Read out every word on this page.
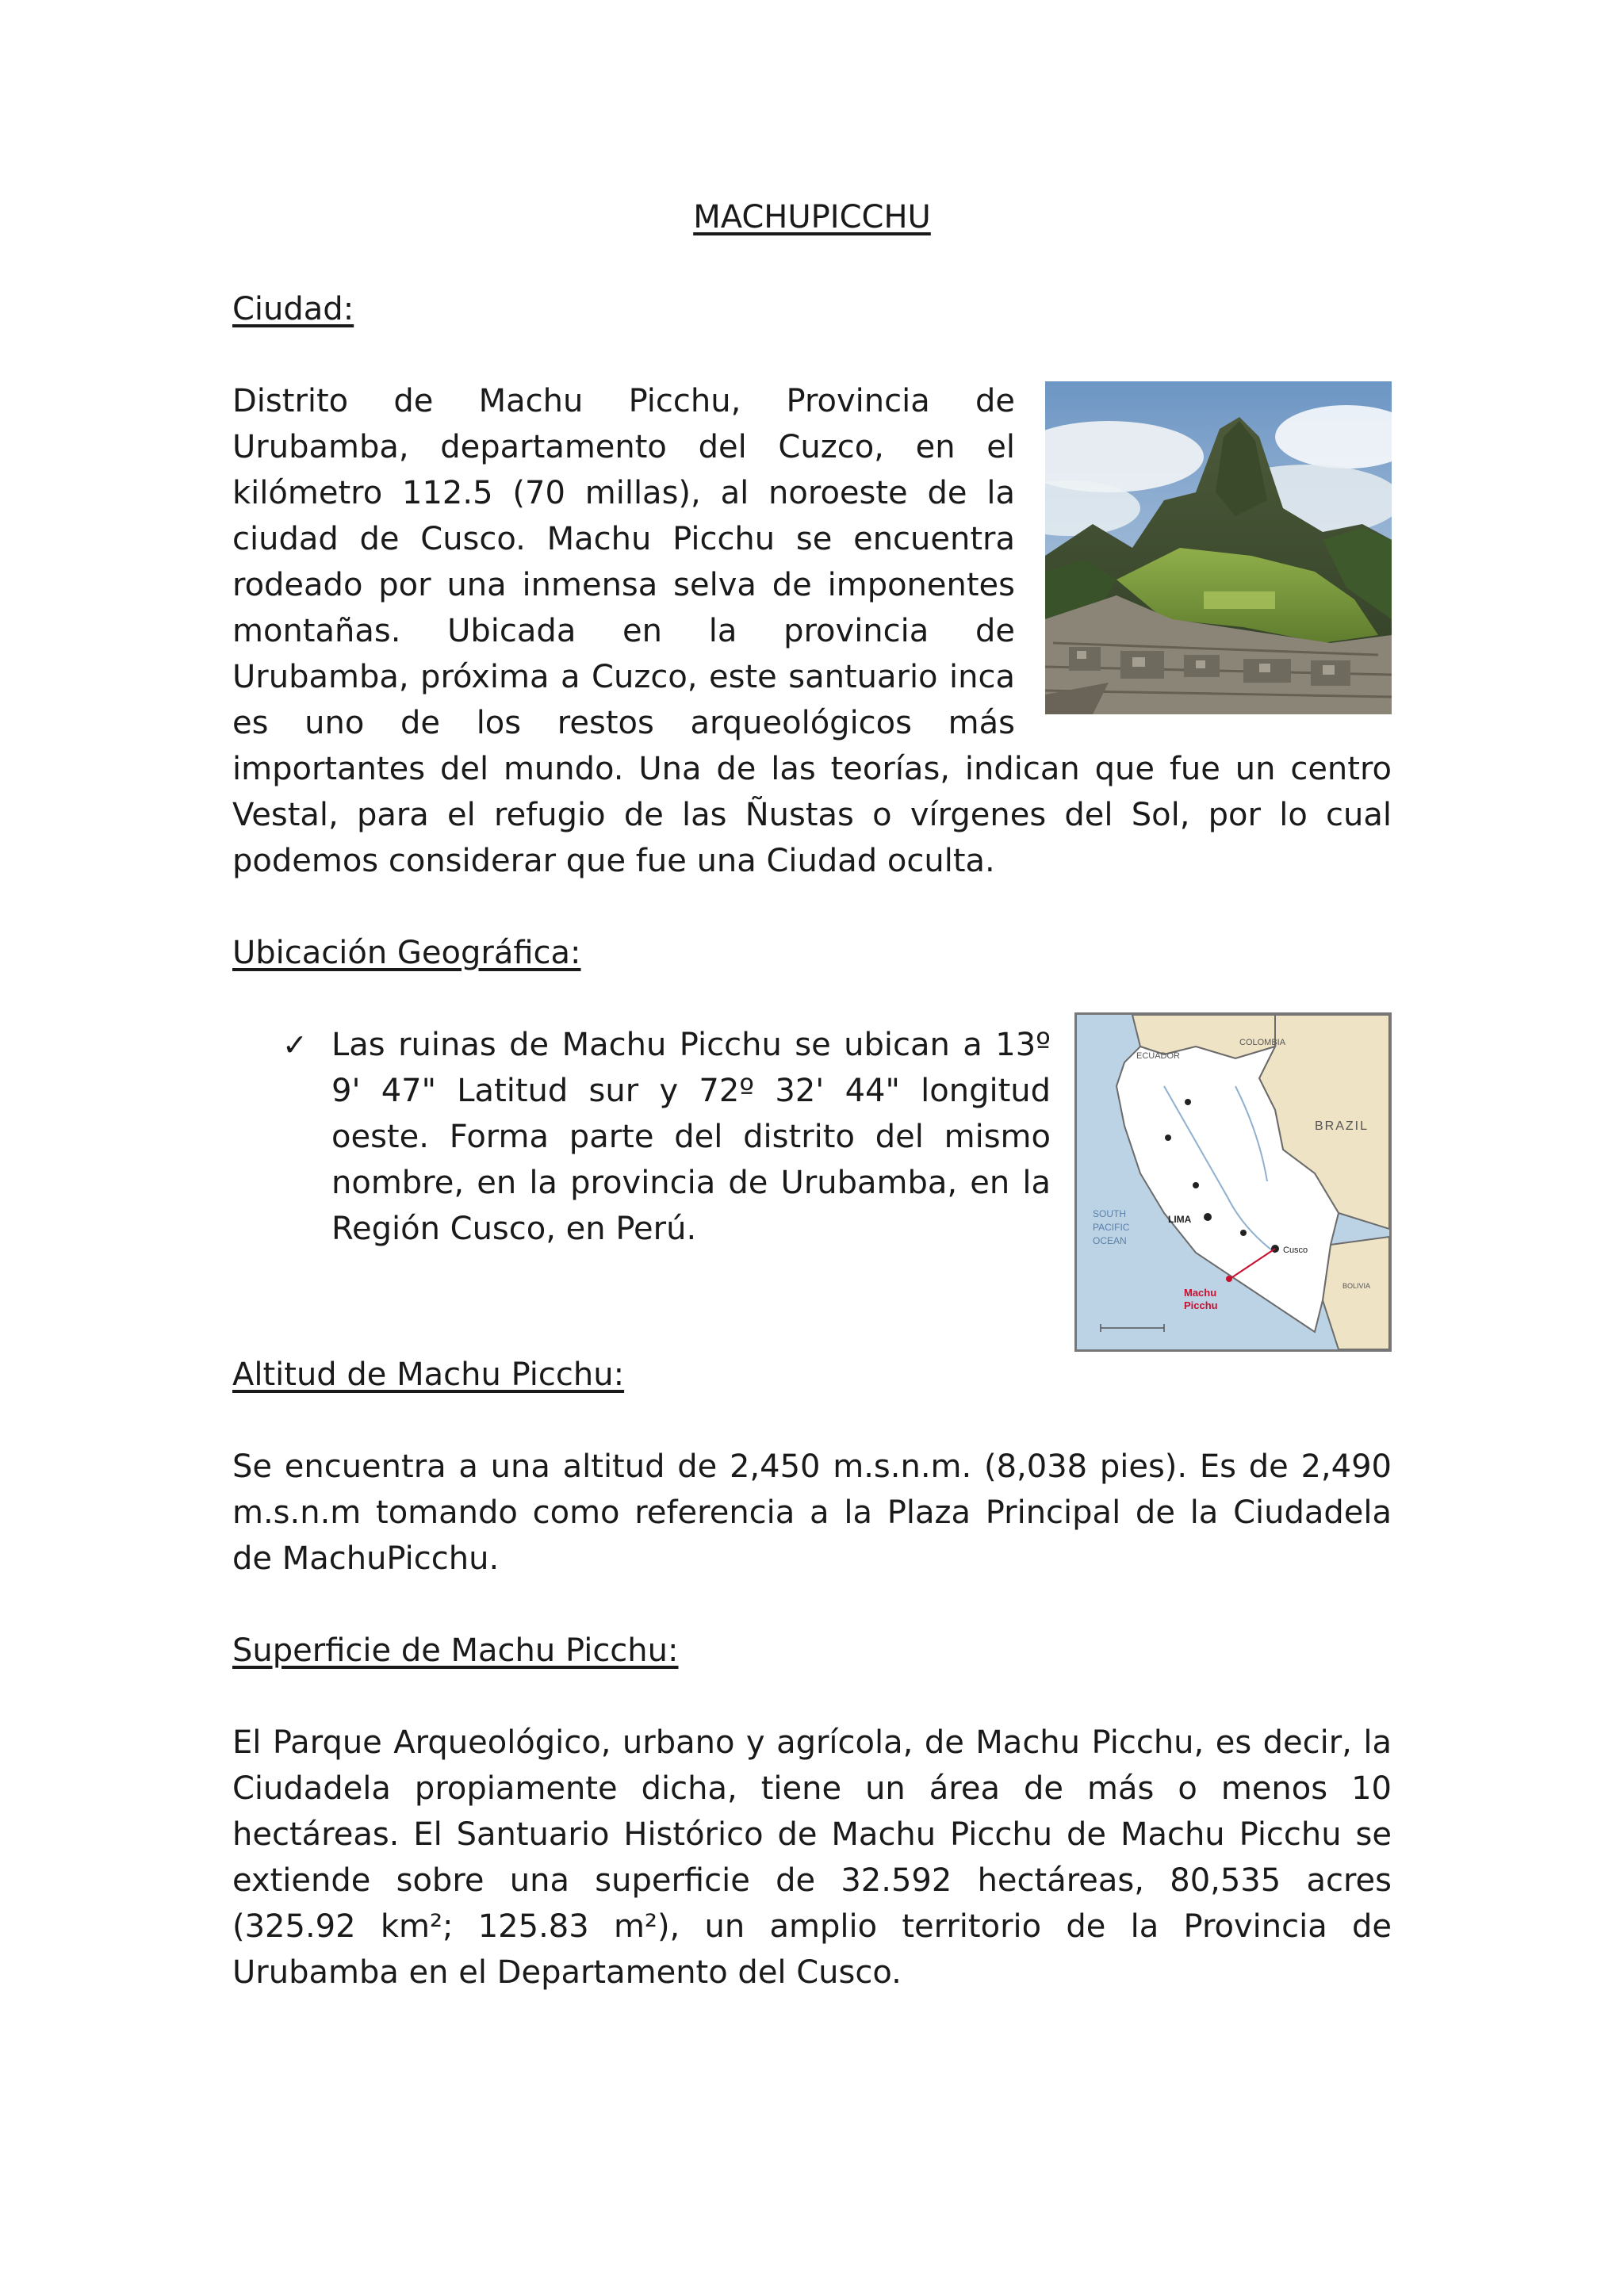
MACHUPICCHU
Ciudad:

Distrito de Machu Picchu, Provincia de Urubamba, departamento del Cuzco, en el kilómetro 112.5 (70 millas), al noroeste de la ciudad de Cusco. Machu Picchu se encuentra rodeado por una inmensa selva de imponentes montañas. Ubicada en la provincia de Urubamba, próxima a Cuzco, este santuario inca es uno de los restos arqueológicos más importantes del mundo. Una de las teorías, indican que fue un centro Vestal, para el refugio de las Ñustas o vírgenes del Sol, por lo cual podemos considerar que fue una Ciudad oculta.

Ubicación Geográfica:
ECUADOR
COLOMBIA
BRAZIL
SOUTH
PACIFIC
OCEAN
LIMA
Cusco
Machu
Picchu
BOLIVIA
✓ Las ruinas de Machu Picchu se ubican a 13º 9' 47" Latitud sur y 72º 32' 44" longitud oeste. Forma parte del distrito del mismo nombre, en la provincia de Urubamba, en la Región Cusco, en Perú.
Altitud de Machu Picchu:

Se encuentra a una altitud de 2,450 m.s.n.m. (8,038 pies). Es de 2,490 m.s.n.m tomando como referencia a la Plaza Principal de la Ciudadela de MachuPicchu.

Superficie de Machu Picchu:

El Parque Arqueológico, urbano y agrícola, de Machu Picchu, es decir, la Ciudadela propiamente dicha, tiene un área de más o menos 10 hectáreas. El Santuario Histórico de Machu Picchu de Machu Picchu se extiende sobre una superficie de 32.592 hectáreas, 80,535 acres (325.92 km²; 125.83 m²), un amplio territorio de la Provincia de Urubamba en el Departamento del Cusco.
